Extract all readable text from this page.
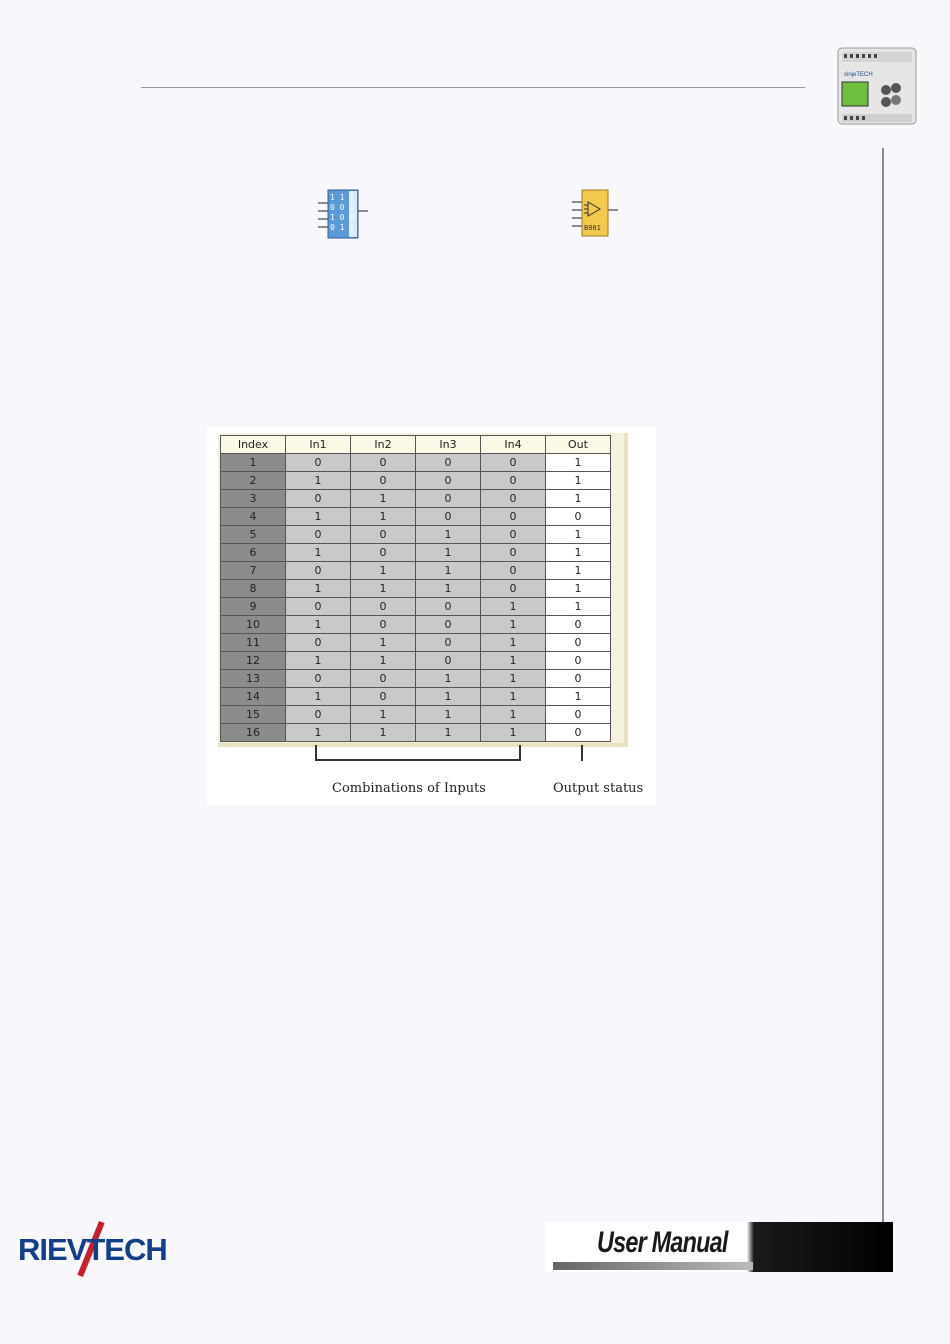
xinjeTECH
1 1 1
0 0 1
1 0 0
0 1 1	B001
Index	In1	In2	In3	In4	Out
1	0	0	0	0	1
2	1	0	0	0	1
3	0	1	0	0	1
4	1	1	0	0	0
5	0	0	1	0	1
6	1	0	1	0	1
7	0	1	1	0	1
8	1	1	1	0	1
9	0	0	0	1	1
10	1	0	0	1	0
11	0	1	0	1	0
12	1	1	0	1	0
13	0	0	1	1	0
14	1	0	1	1	1
15	0	1	1	1	0
16	1	1	1	1	0
Combinations of Inputs	Output status
RIEVTECH	User Manual
